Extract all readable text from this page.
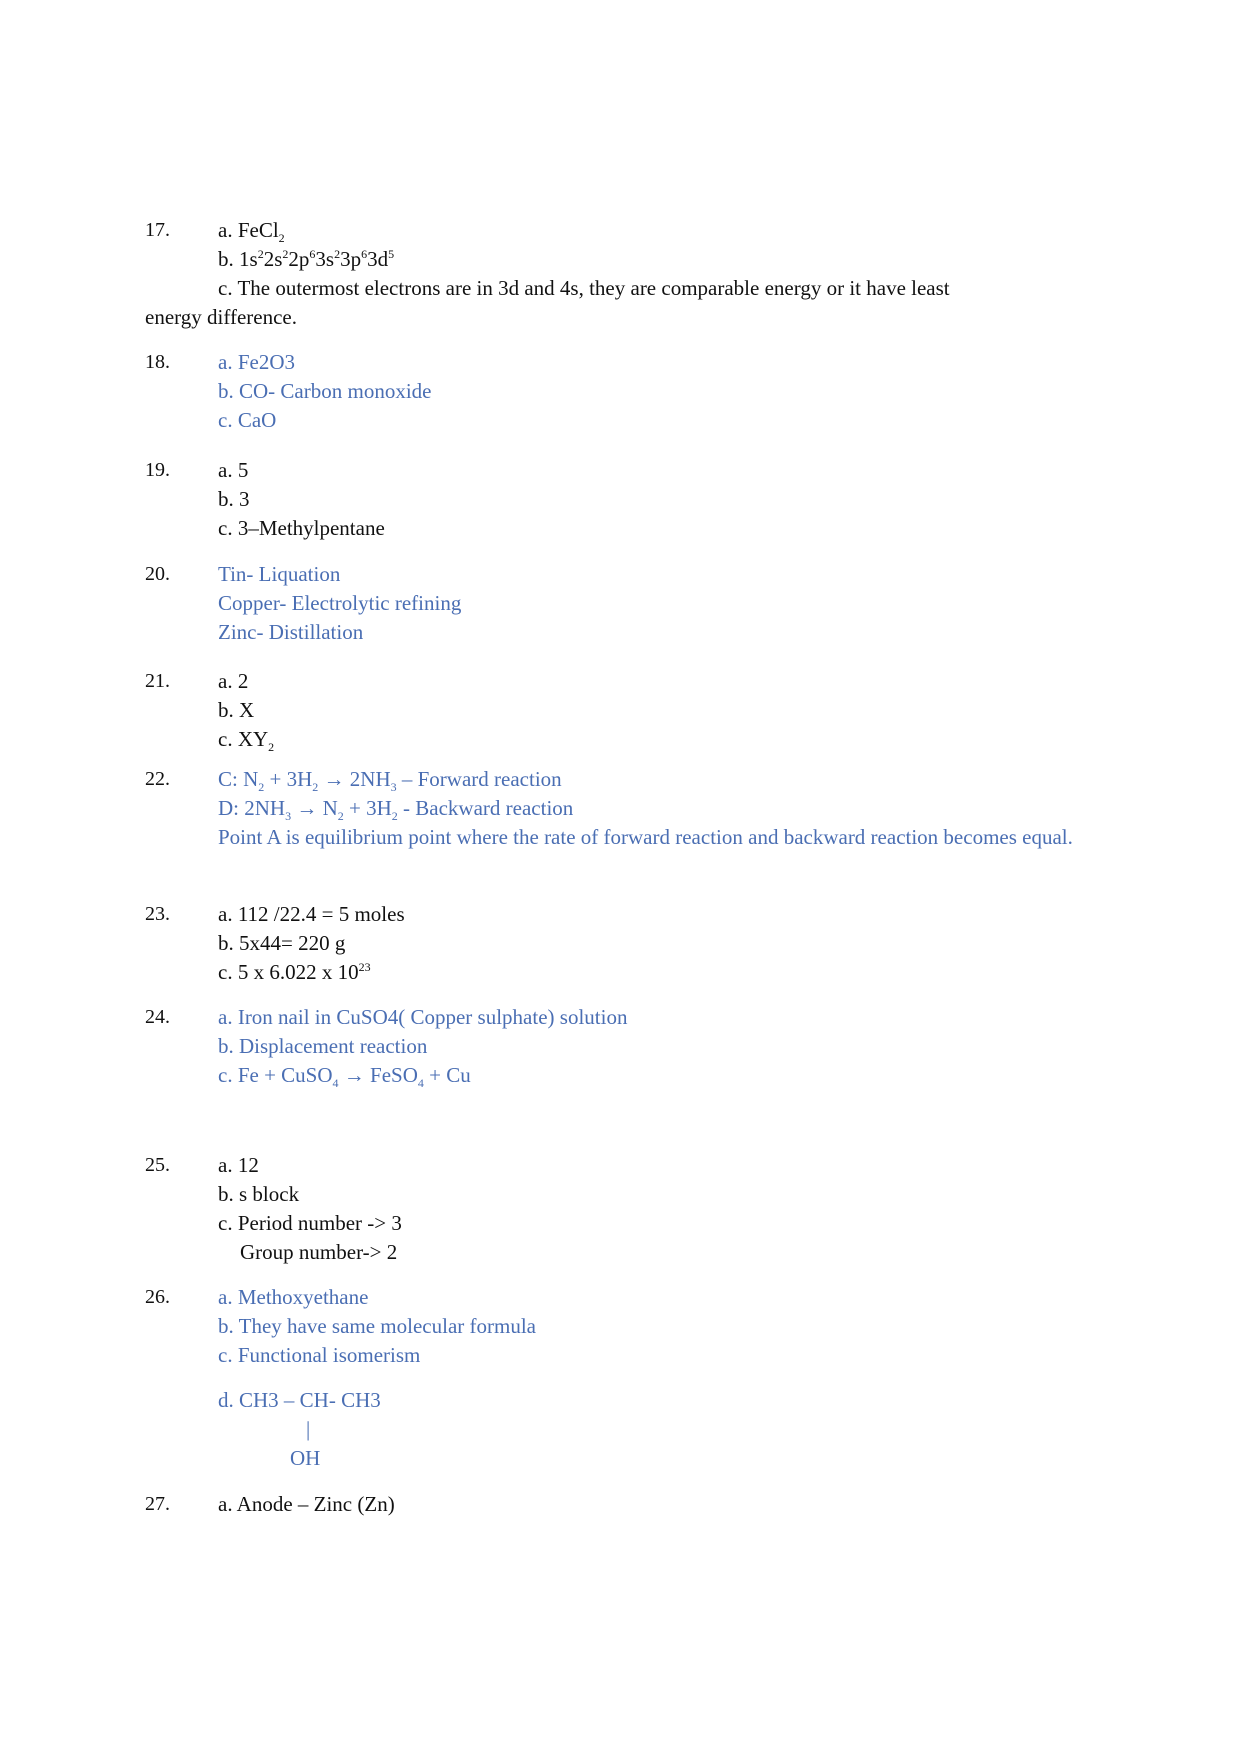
17. a. FeCl$_2$
b. $1s^22s^22p^63s^23p^63d^5$
c. The outermost electrons are in 3d and 4s, they are comparable energy or it have least
energy difference.
18. a. Fe2O3
b. CO- Carbon monoxide
c. CaO
19. a. 5
b. 3
c. 3–Methylpentane
20. Tin- Liquation
Copper- Electrolytic refining
Zinc- Distillation
21. a. 2
b. X
c. $XY_2$
22. C: $N_2 + 3H_2 \to 2NH_3$ – Forward reaction
D: $2NH_3 \to N_2 + 3H_2$ - Backward reaction
Point A is equilibrium point where the rate of forward reaction and backward reaction becomes equal.
23. a. 112 /22.4 = 5 moles
b. 5x44= 220 g
c. 5 x 6.022 x $10^{23}$
24. a. Iron nail in CuSO4( Copper sulphate) solution
b. Displacement reaction
c. Fe + CuSO$_4$ → FeSO$_4$ + Cu
25. a. 12
b. s block
c. Period number -> 3
Group number-> 2
26. a. Methoxyethane
b. They have same molecular formula
c. Functional isomerism
d. CH3 – CH- CH3
|
OH
27. a. Anode – Zinc (Zn)
